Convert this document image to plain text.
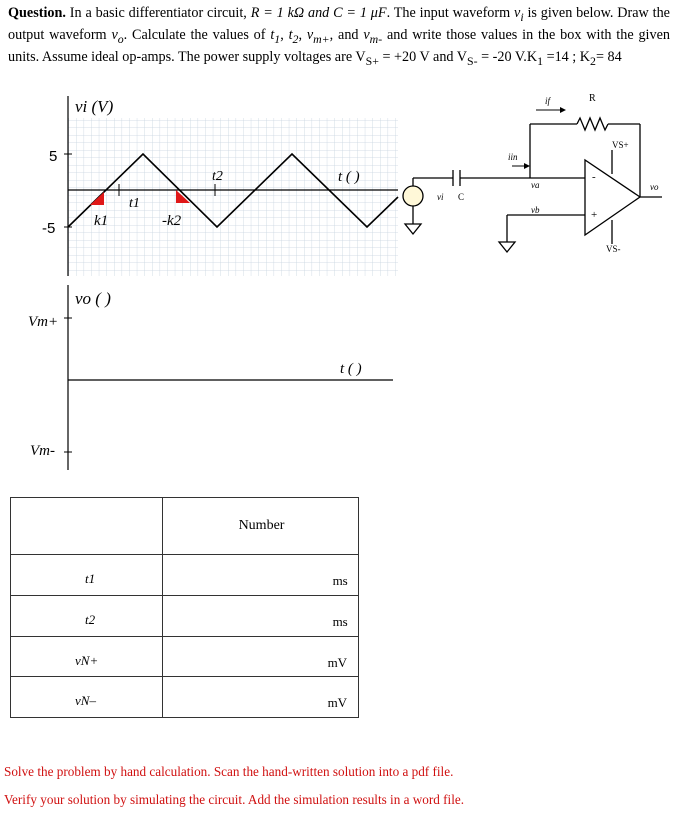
Question. In a basic differentiator circuit, R = 1 kΩ and C = 1 μF. The input waveform $v_i$ is given below. Draw the output waveform $v_o$. Calculate the values of $t_1$, $t_2$, $v_{m+}$, and $v_{m-}$ and write those values in the box with the given units. Assume ideal op-amps. The power supply voltages are $V_{S+} = +20$ V and $V_{S-} = -20$ $V.K_1 =14$ ; $K_2= 84$
vi (V)
5
-5
t2
t1
k1	-k2
t ( )
vo ( )
Vm+
Vm-
t ( )
R
if
VS+
VS-
vo
iin
va
vb
vi C
-
+

	Number

t1	ms

t2	ms

vN+	mV

vN–	mV
Solve the problem by hand calculation. Scan the hand-written solution into a pdf file.
Verify your solution by simulating the circuit. Add the simulation results in a word file.
